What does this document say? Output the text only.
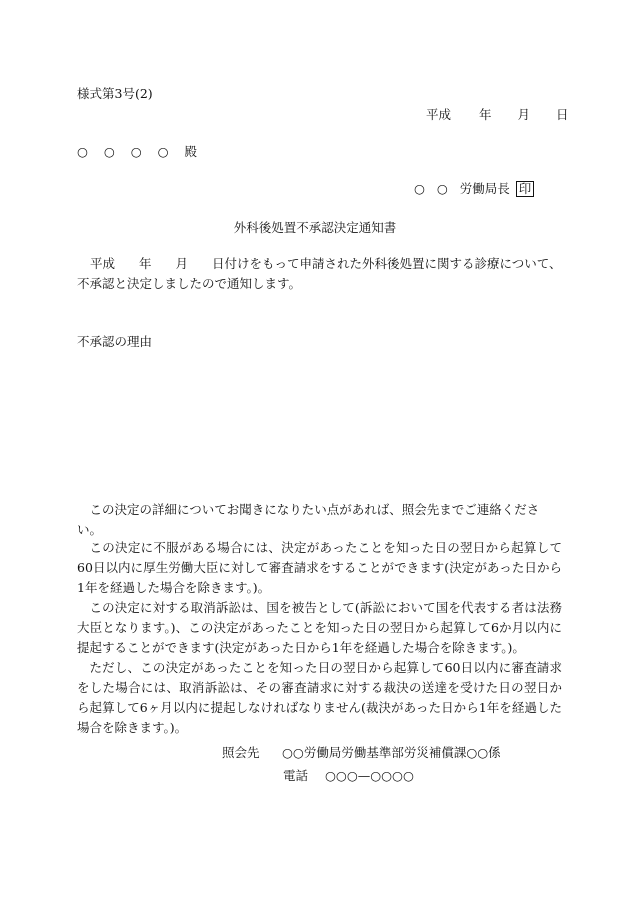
様式第3号(2)
平成 年 月 日
○ ○ ○ ○ 殿
○ ○ 労働局長 印
外科後処置不承認決定通知書
平成 年 月 日付けをもって申請された外科後処置に関する診療について、不承認と決定しましたので通知します。
不承認の理由
この決定の詳細についてお聞きになりたい点があれば、照会先までご連絡ください。

この決定に不服がある場合には、決定があったことを知った日の翌日から起算して60日以内に厚生労働大臣に対して審査請求をすることができます(決定があった日から1年を経過した場合を除きます。)。

この決定に対する取消訴訟は、国を被告として(訴訟において国を代表する者は法務大臣となります。)、この決定があったことを知った日の翌日から起算して6か月以内に提起することができます(決定があった日から1年を経過した場合を除きます。)。

ただし、この決定があったことを知った日の翌日から起算して60日以内に審査請求をした場合には、取消訴訟は、その審査請求に対する裁決の送達を受けた日の翌日から起算して6ヶ月以内に提起しなければなりません(裁決があった日から1年を経過した場合を除きます。)。

照会先 ○○労働局労働基準部労災補償課○○係
電話 ○○○—○○○○
